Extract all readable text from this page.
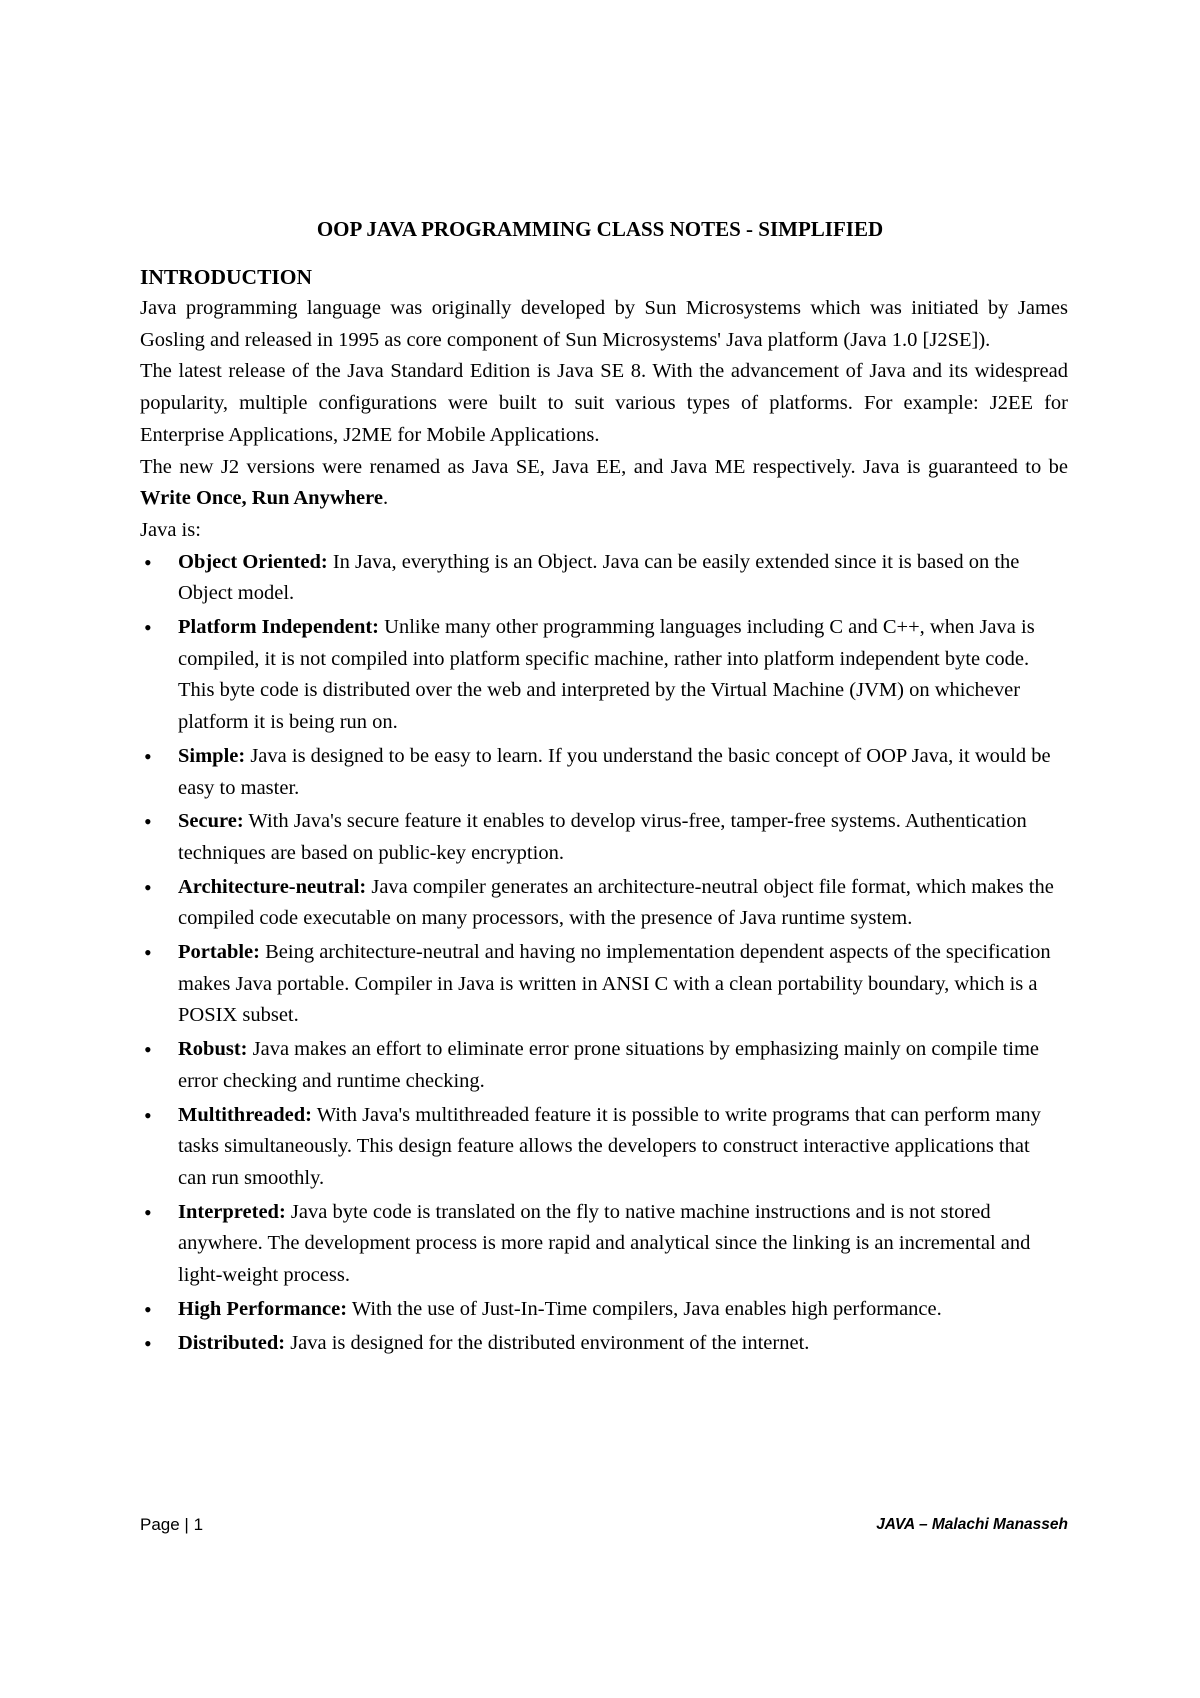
OOP JAVA PROGRAMMING CLASS NOTES - SIMPLIFIED
INTRODUCTION

Java programming language was originally developed by Sun Microsystems which was initiated by James Gosling and released in 1995 as core component of Sun Microsystems' Java platform (Java 1.0 [J2SE]).

The latest release of the Java Standard Edition is Java SE 8. With the advancement of Java and its widespread popularity, multiple configurations were built to suit various types of platforms. For example: J2EE for Enterprise Applications, J2ME for Mobile Applications.

The new J2 versions were renamed as Java SE, Java EE, and Java ME respectively. Java is guaranteed to be Write Once, Run Anywhere.

Java is:

• Object Oriented: In Java, everything is an Object. Java can be easily extended since it is based on the Object model.
• Platform Independent: Unlike many other programming languages including C and C++, when Java is compiled, it is not compiled into platform specific machine, rather into platform independent byte code. This byte code is distributed over the web and interpreted by the Virtual Machine (JVM) on whichever platform it is being run on.
• Simple: Java is designed to be easy to learn. If you understand the basic concept of OOP Java, it would be easy to master.
• Secure: With Java's secure feature it enables to develop virus-free, tamper-free systems. Authentication techniques are based on public-key encryption.
• Architecture-neutral: Java compiler generates an architecture-neutral object file format, which makes the compiled code executable on many processors, with the presence of Java runtime system.
• Portable: Being architecture-neutral and having no implementation dependent aspects of the specification makes Java portable. Compiler in Java is written in ANSI C with a clean portability boundary, which is a POSIX subset.
• Robust: Java makes an effort to eliminate error prone situations by emphasizing mainly on compile time error checking and runtime checking.
• Multithreaded: With Java's multithreaded feature it is possible to write programs that can perform many tasks simultaneously. This design feature allows the developers to construct interactive applications that can run smoothly.
• Interpreted: Java byte code is translated on the fly to native machine instructions and is not stored anywhere. The development process is more rapid and analytical since the linking is an incremental and light-weight process.
• High Performance: With the use of Just-In-Time compilers, Java enables high performance.
• Distributed: Java is designed for the distributed environment of the internet.
Page | 1	JAVA – Malachi Manasseh
